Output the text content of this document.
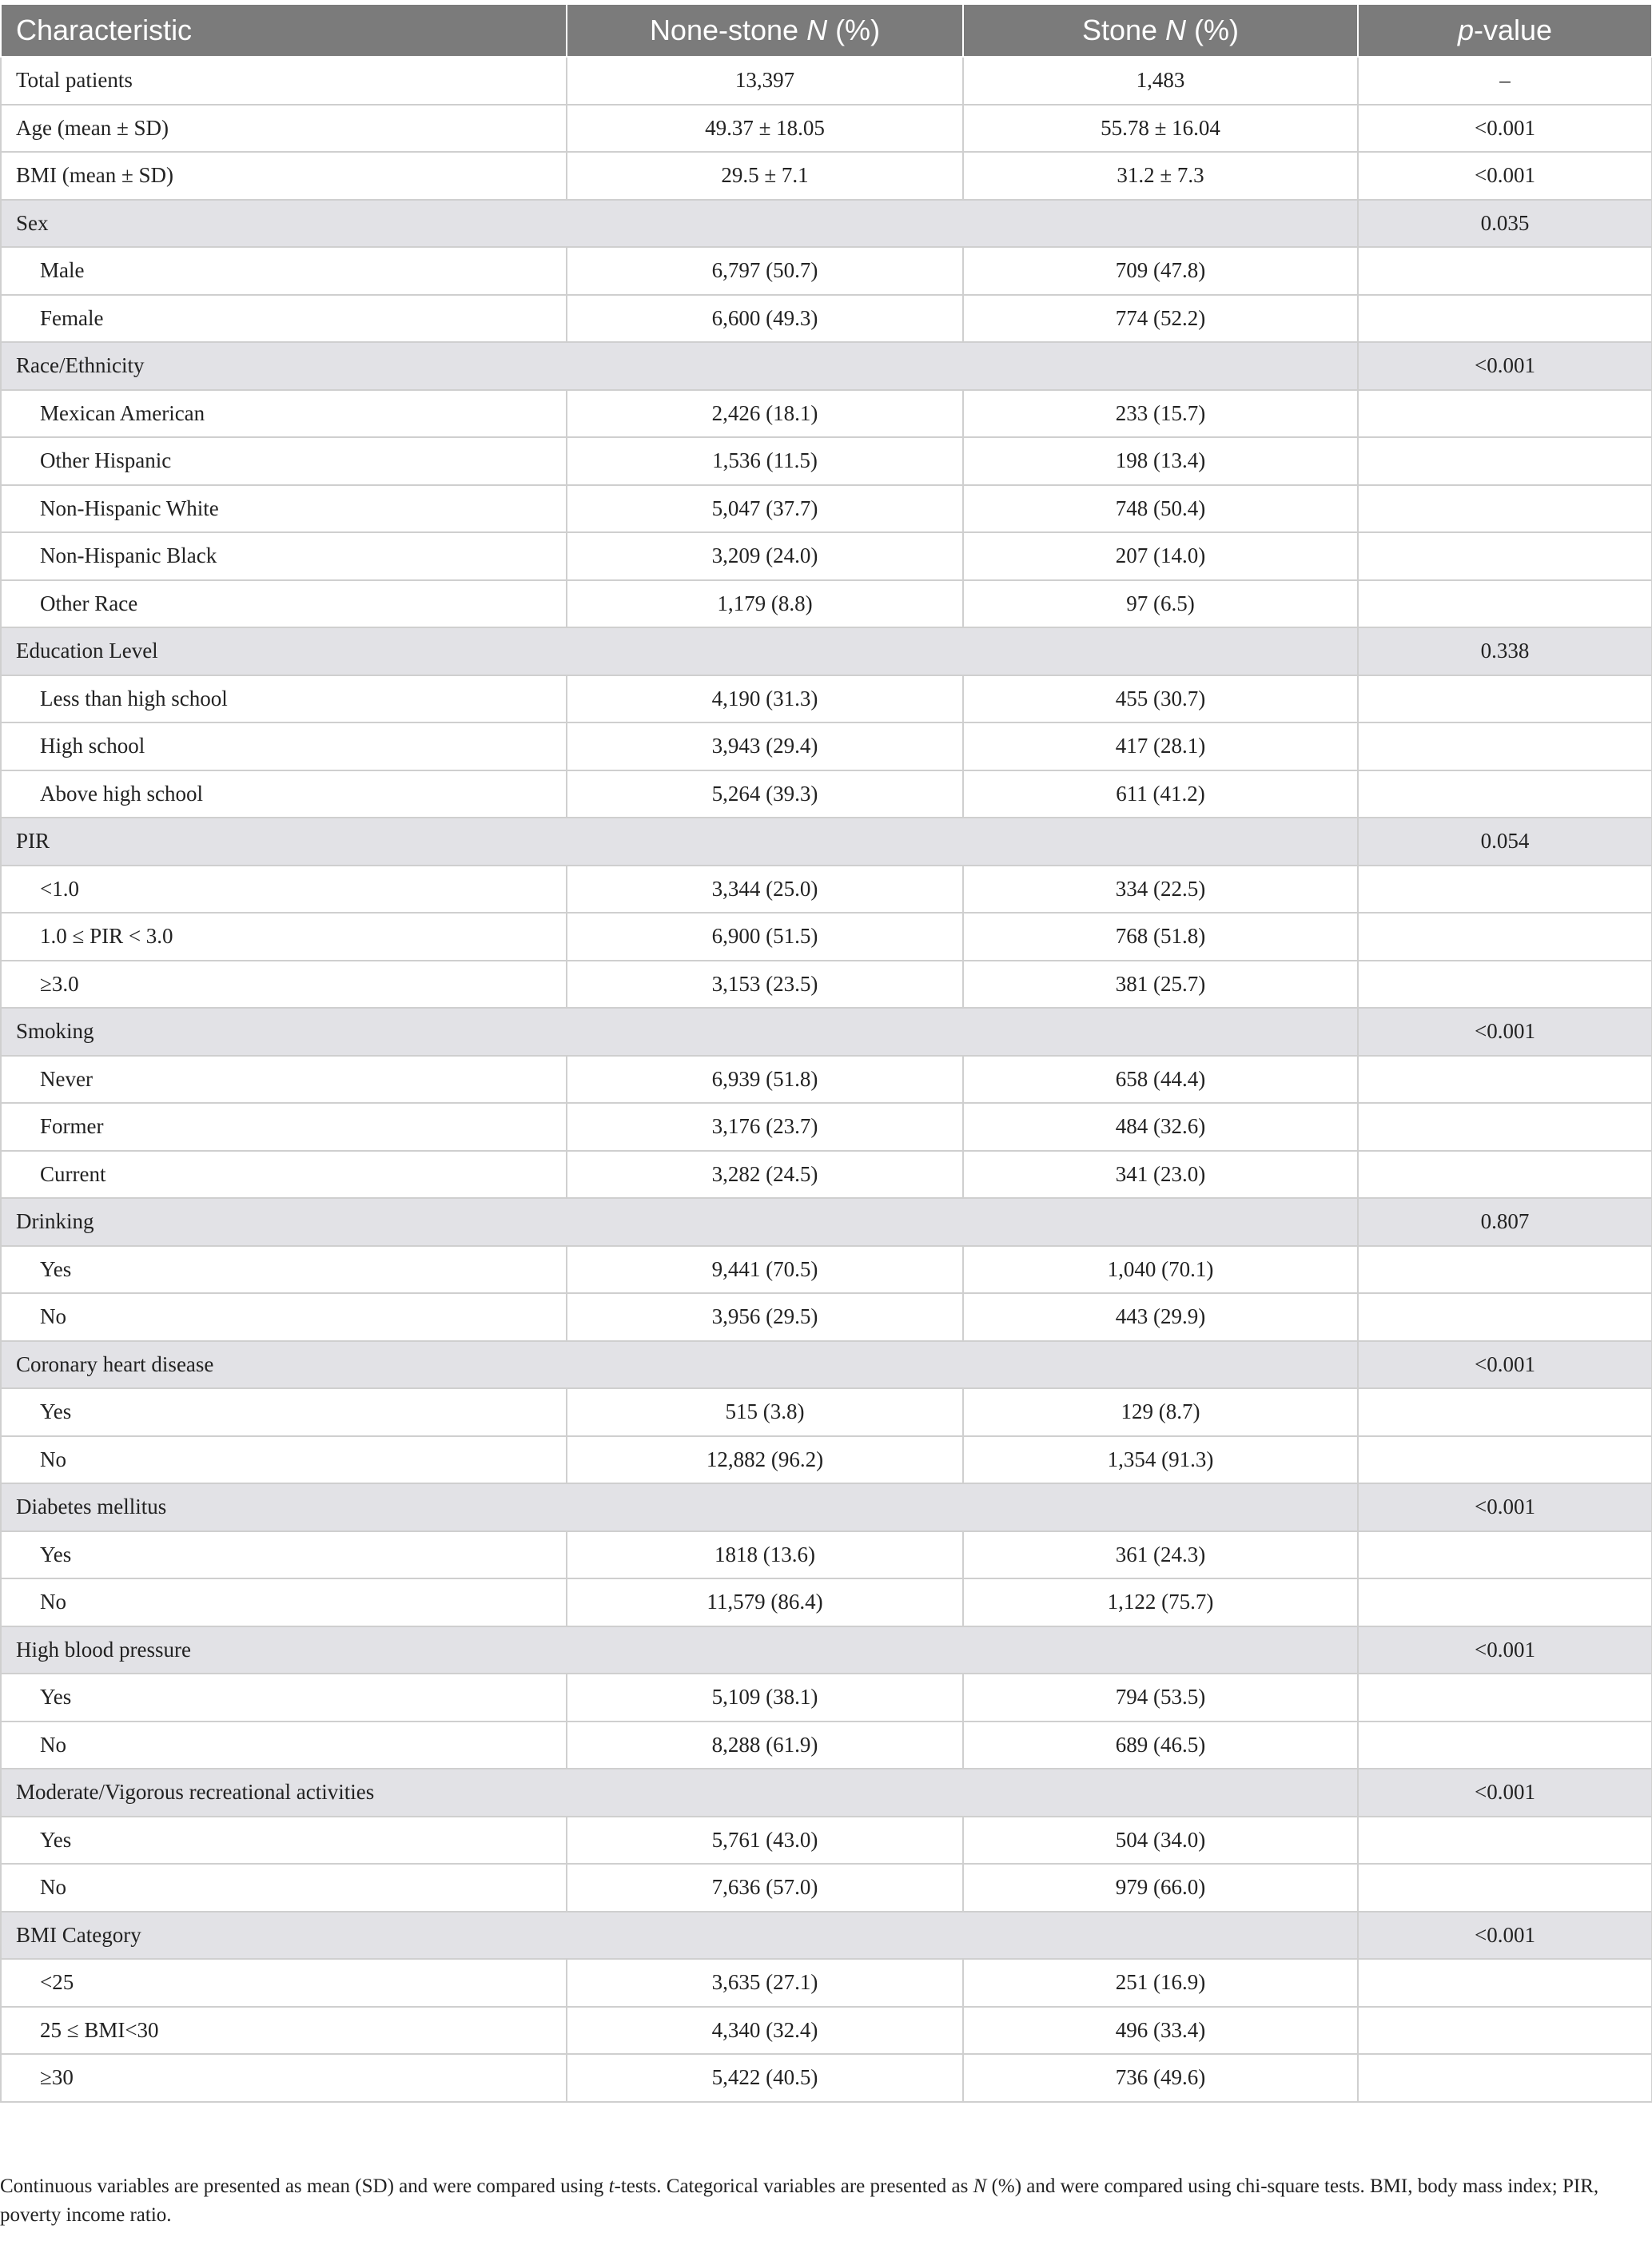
Characteristic	None-stone N (%)	Stone N (%)	p-value
Total patients	13,397	1,483	–
Age (mean ± SD)	49.37 ± 18.05	55.78 ± 16.04	<0.001
BMI (mean ± SD)	29.5 ± 7.1	31.2 ± 7.3	<0.001
Sex			0.035
Male	6,797 (50.7)	709 (47.8)	
Female	6,600 (49.3)	774 (52.2)	
Race/Ethnicity			<0.001
Mexican American	2,426 (18.1)	233 (15.7)	
Other Hispanic	1,536 (11.5)	198 (13.4)	
Non-Hispanic White	5,047 (37.7)	748 (50.4)	
Non-Hispanic Black	3,209 (24.0)	207 (14.0)	
Other Race	1,179 (8.8)	97 (6.5)	
Education Level			0.338
Less than high school	4,190 (31.3)	455 (30.7)	
High school	3,943 (29.4)	417 (28.1)	
Above high school	5,264 (39.3)	611 (41.2)	
PIR			0.054
<1.0	3,344 (25.0)	334 (22.5)	
1.0 ≤ PIR < 3.0	6,900 (51.5)	768 (51.8)	
≥3.0	3,153 (23.5)	381 (25.7)	
Smoking			<0.001
Never	6,939 (51.8)	658 (44.4)	
Former	3,176 (23.7)	484 (32.6)	
Current	3,282 (24.5)	341 (23.0)	
Drinking			0.807
Yes	9,441 (70.5)	1,040 (70.1)	
No	3,956 (29.5)	443 (29.9)	
Coronary heart disease			<0.001
Yes	515 (3.8)	129 (8.7)	
No	12,882 (96.2)	1,354 (91.3)	
Diabetes mellitus			<0.001
Yes	1818 (13.6)	361 (24.3)	
No	11,579 (86.4)	1,122 (75.7)	
High blood pressure			<0.001
Yes	5,109 (38.1)	794 (53.5)	
No	8,288 (61.9)	689 (46.5)	
Moderate/Vigorous recreational activities			<0.001
Yes	5,761 (43.0)	504 (34.0)	
No	7,636 (57.0)	979 (66.0)	
BMI Category			<0.001
<25	3,635 (27.1)	251 (16.9)	
25 ≤ BMI<30	4,340 (32.4)	496 (33.4)	
≥30	5,422 (40.5)	736 (49.6)	
Continuous variables are presented as mean (SD) and were compared using t-tests. Categorical variables are presented as N (%) and were compared using chi-square tests. BMI, body mass index; PIR, poverty income ratio.
